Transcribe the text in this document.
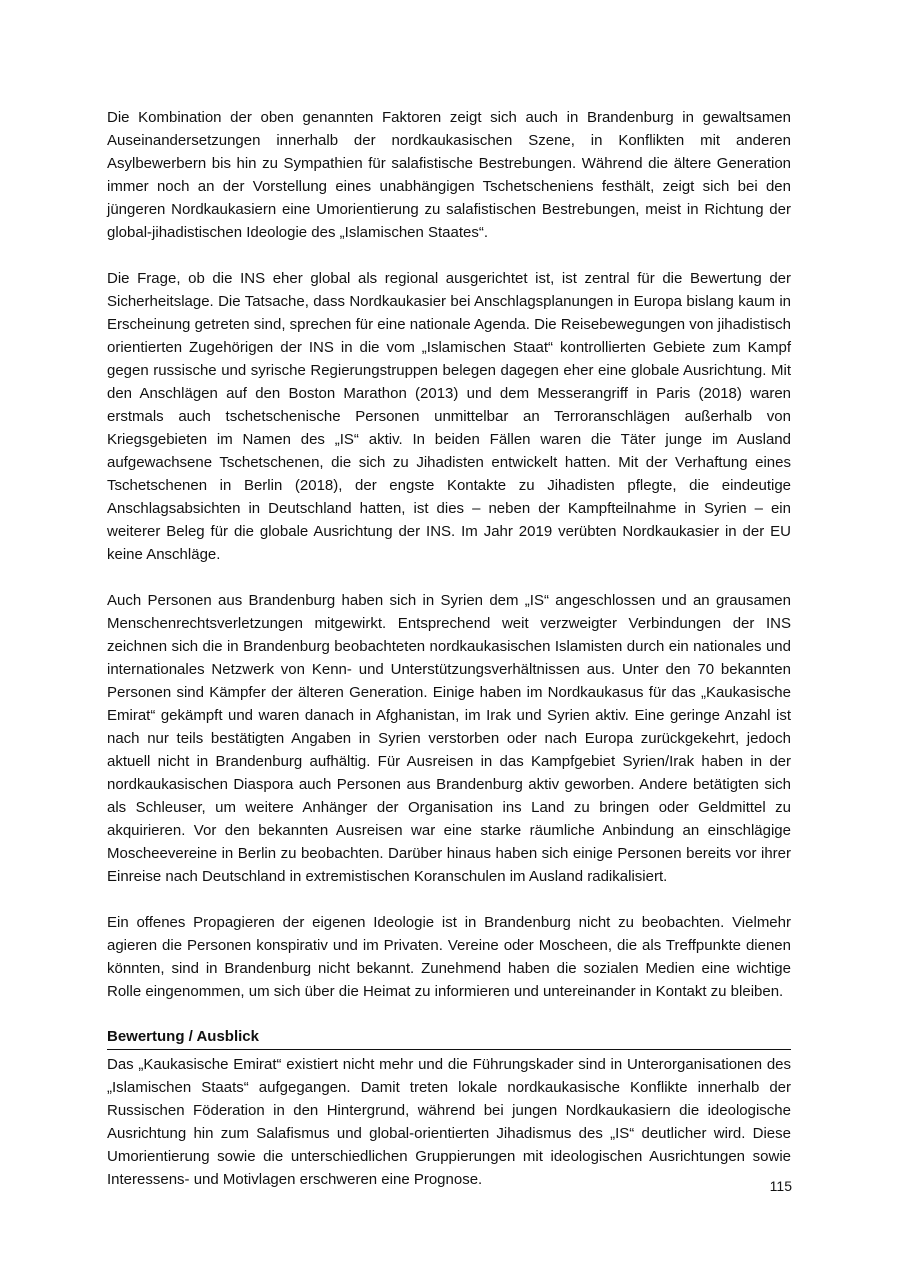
Die Kombination der oben genannten Faktoren zeigt sich auch in Brandenburg in gewaltsamen Auseinandersetzungen innerhalb der nordkaukasischen Szene, in Konflikten mit anderen Asylbewerbern bis hin zu Sympathien für salafistische Bestrebungen. Während die ältere Generation immer noch an der Vorstellung eines unabhängigen Tschetscheniens festhält, zeigt sich bei den jüngeren Nordkaukasiern eine Umorientierung zu salafistischen Bestrebungen, meist in Richtung der global-jihadistischen Ideologie des „Islamischen Staates“.

Die Frage, ob die INS eher global als regional ausgerichtet ist, ist zentral für die Bewertung der Sicherheitslage. Die Tatsache, dass Nordkaukasier bei Anschlagsplanungen in Europa bislang kaum in Erscheinung getreten sind, sprechen für eine nationale Agenda. Die Reisebewegungen von jihadistisch orientierten Zugehörigen der INS in die vom „Islamischen Staat“ kontrollierten Gebiete zum Kampf gegen russische und syrische Regierungstruppen belegen dagegen eher eine globale Ausrichtung. Mit den Anschlägen auf den Boston Marathon (2013) und dem Messerangriff in Paris (2018) waren erstmals auch tschetschenische Personen unmittelbar an Terroranschlägen außerhalb von Kriegsgebieten im Namen des „IS“ aktiv. In beiden Fällen waren die Täter junge im Ausland aufgewachsene Tschetschenen, die sich zu Jihadisten entwickelt hatten. Mit der Verhaftung eines Tschetschenen in Berlin (2018), der engste Kontakte zu Jihadisten pflegte, die eindeutige Anschlagsabsichten in Deutschland hatten, ist dies – neben der Kampfteilnahme in Syrien – ein weiterer Beleg für die globale Ausrichtung der INS. Im Jahr 2019 verübten Nordkaukasier in der EU keine Anschläge.

Auch Personen aus Brandenburg haben sich in Syrien dem „IS“ angeschlossen und an grausamen Menschenrechtsverletzungen mitgewirkt. Entsprechend weit verzweigter Verbindungen der INS zeichnen sich die in Brandenburg beobachteten nordkaukasischen Islamisten durch ein nationales und internationales Netzwerk von Kenn- und Unterstützungsverhältnissen aus. Unter den 70 bekannten Personen sind Kämpfer der älteren Generation. Einige haben im Nordkaukasus für das „Kaukasische Emirat“ gekämpft und waren danach in Afghanistan, im Irak und Syrien aktiv. Eine geringe Anzahl ist nach nur teils bestätigten Angaben in Syrien verstorben oder nach Europa zurückgekehrt, jedoch aktuell nicht in Brandenburg aufhältig. Für Ausreisen in das Kampfgebiet Syrien/Irak haben in der nordkaukasischen Diaspora auch Personen aus Brandenburg aktiv geworben. Andere betätigten sich als Schleuser, um weitere Anhänger der Organisation ins Land zu bringen oder Geldmittel zu akquirieren. Vor den bekannten Ausreisen war eine starke räumliche Anbindung an einschlägige Moscheevereine in Berlin zu beobachten. Darüber hinaus haben sich einige Personen bereits vor ihrer Einreise nach Deutschland in extremistischen Koranschulen im Ausland radikalisiert.

Ein offenes Propagieren der eigenen Ideologie ist in Brandenburg nicht zu beobachten. Vielmehr agieren die Personen konspirativ und im Privaten. Vereine oder Moscheen, die als Treffpunkte dienen könnten, sind in Brandenburg nicht bekannt. Zunehmend haben die sozialen Medien eine wichtige Rolle eingenommen, um sich über die Heimat zu informieren und untereinander in Kontakt zu bleiben.

Bewertung / Ausblick

Das „Kaukasische Emirat“ existiert nicht mehr und die Führungskader sind in Unterorganisationen des „Islamischen Staats“ aufgegangen. Damit treten lokale nordkaukasische Konflikte innerhalb der Russischen Föderation in den Hintergrund, während bei jungen Nordkaukasiern die ideologische Ausrichtung hin zum Salafismus und global-orientierten Jihadismus des „IS“ deutlicher wird. Diese Umorientierung sowie die unterschiedlichen Gruppierungen mit ideologischen Ausrichtungen sowie Interessens- und Motivlagen erschweren eine Prognose.	115
